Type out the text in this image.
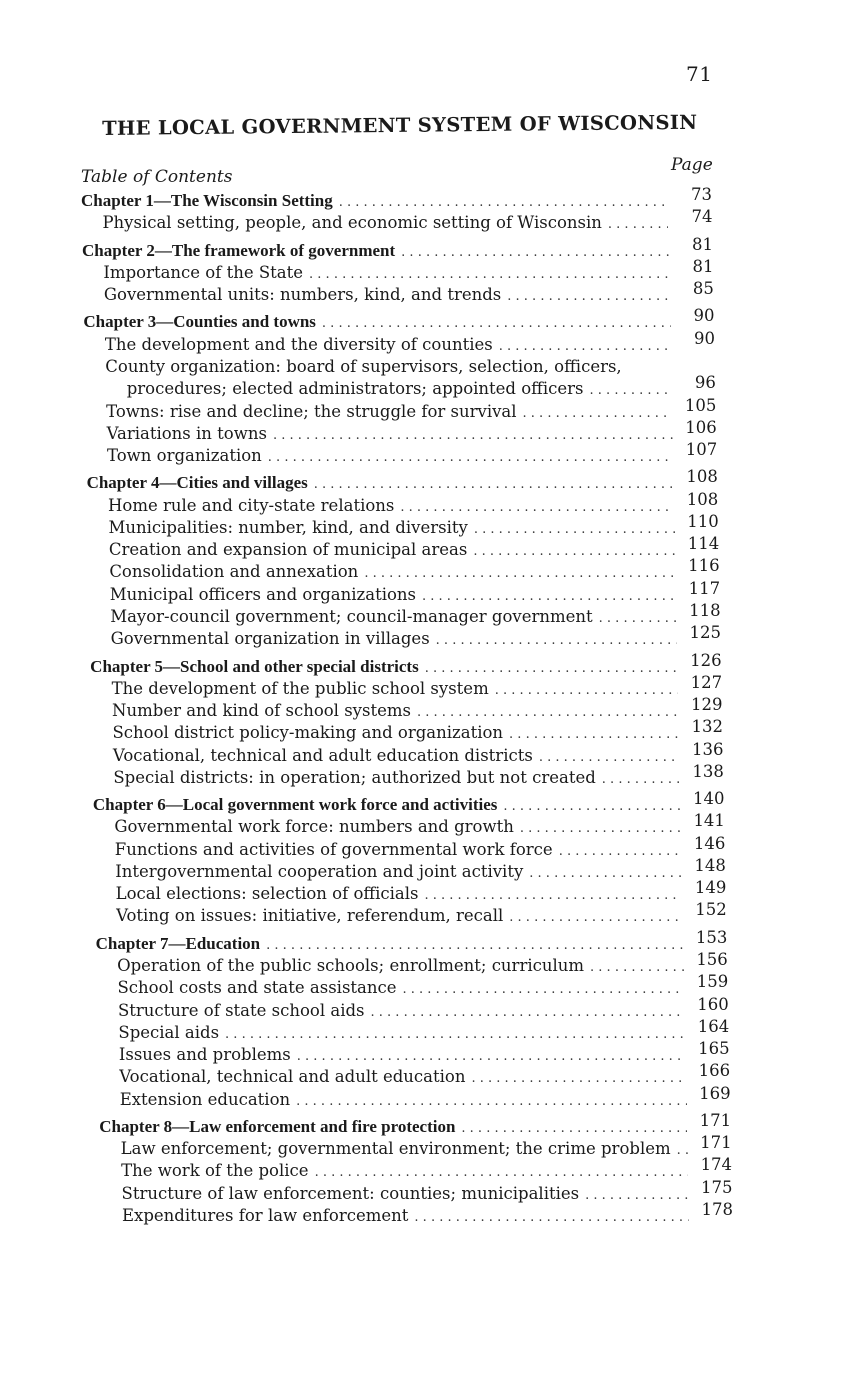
71
THE LOCAL GOVERNMENT SYSTEM OF WISCONSIN
Table of Contents
Page
Chapter 1—The Wisconsin Setting . . .	73
Physical setting, people, and economic setting of Wisconsin . . .	74
Chapter 2—The framework of government . . .	81
Importance of the State . . .	81
Governmental units: numbers, kind, and trends . . .	85
Chapter 3—Counties and towns . . .	90
The development and the diversity of counties . . .	90
County organization: board of supervisors, selection, officers,
procedures; elected administrators; appointed officers . . .	96
Towns: rise and decline; the struggle for survival . . .	105
Variations in towns . . .	106
Town organization . . .	107
Chapter 4—Cities and villages . . .	108
Home rule and city-state relations . . .	108
Municipalities: number, kind, and diversity . . .	110
Creation and expansion of municipal areas . . .	114
Consolidation and annexation . . .	116
Municipal officers and organizations . . .	117
Mayor-council government; council-manager government . . .	118
Governmental organization in villages . . .	125
Chapter 5—School and other special districts . . .	126
The development of the public school system . . .	127
Number and kind of school systems . . .	129
School district policy-making and organization . . .	132
Vocational, technical and adult education districts . . .	136
Special districts: in operation; authorized but not created . . .	138
Chapter 6—Local government work force and activities . . .	140
Governmental work force: numbers and growth . . .	141
Functions and activities of governmental work force . . .	146
Intergovernmental cooperation and joint activity . . .	148
Local elections: selection of officials . . .	149
Voting on issues: initiative, referendum, recall . . .	152
Chapter 7—Education . . .	153
Operation of the public schools; enrollment; curriculum . . .	156
School costs and state assistance . . .	159
Structure of state school aids . . .	160
Special aids . . .	164
Issues and problems . . .	165
Vocational, technical and adult education . . .	166
Extension education . . .	169
Chapter 8—Law enforcement and fire protection . . .	171
Law enforcement; governmental environment; the crime problem . . .	171
The work of the police . . .	174
Structure of law enforcement: counties; municipalities . . .	175
Expenditures for law enforcement . . .	178
